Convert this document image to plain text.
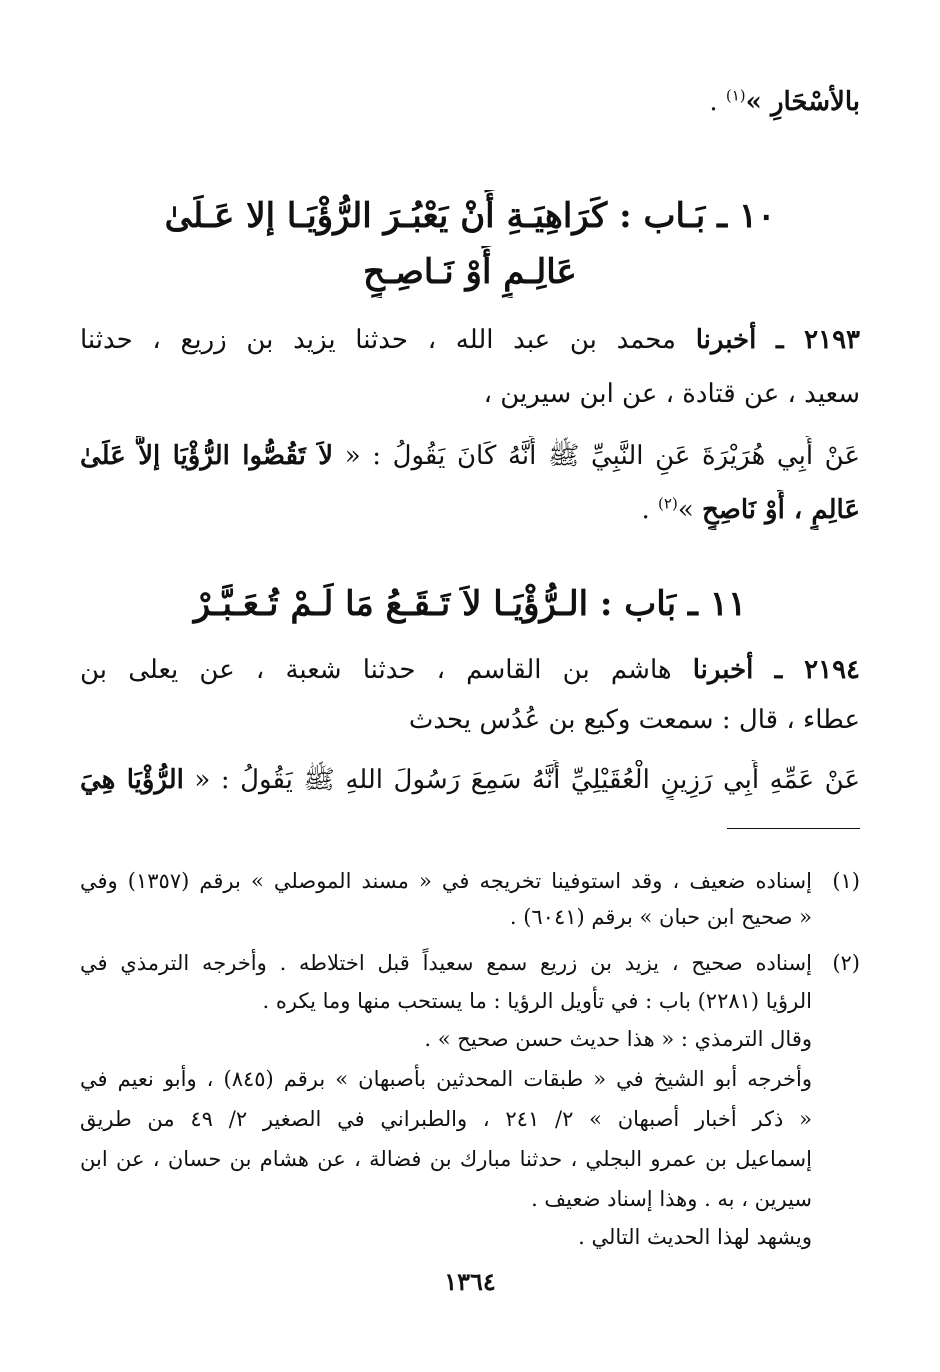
بالأسْحَارِ »$^{(١)}$ .
١٠ ـ بَـاب : كَرَاهِيَـةِ أَنْ يَعْبُـرَ الرُّؤْيَـا إلا عَـلَىٰ
عَالِـمٍ أَوْ نَـاصِـحٍ
٢١٩٣ ـ أخبرنا محمد بن عبد الله ، حدثنا يزيد بن زريع ، حدثنا
سعيد ، عن قتادة ، عن ابن سيرين ،
عَنْ أَبِي هُرَيْرَةَ عَنِ النَّبِيِّ ﷺ أَنَّهُ كَانَ يَقُولُ : « لاَ تَقُصُّوا الرُّؤْيَا إلاَّ عَلَىٰ
عَالِمٍ ، أَوْ نَاصِحٍ »$^{(٢)}$ .
١١ ـ بَاب : الـرُّؤْيَـا لاَ تَـقَـعُ مَا لَـمْ تُـعَـبَّـرْ
٢١٩٤ ـ أخبرنا هاشم بن القاسم ، حدثنا شعبة ، عن يعلى بن
عطاء ، قال : سمعت وكيع بن عُدُس يحدث
عَنْ عَمِّهِ أَبِي رَزِينٍ الْعُقَيْلِيِّ أَنَّهُ سَمِعَ رَسُولَ اللهِ ﷺ يَقُولُ : « الرُّؤْيَا هِيَ
(١)
إسناده ضعيف ، وقد استوفينا تخريجه في « مسند الموصلي » برقم (١٣٥٧) وفي
« صحيح ابن حبان » برقم (٦٠٤١) .
(٢)
إسناده صحيح ، يزيد بن زريع سمع سعيداً قبل اختلاطه . وأخرجه الترمذي في
الرؤيا (٢٢٨١) باب : في تأويل الرؤيا : ما يستحب منها وما يكره .
وقال الترمذي : « هذا حديث حسن صحيح » .
وأخرجه أبو الشيخ في « طبقات المحدثين بأصبهان » برقم (٨٤٥) ، وأبو نعيم في
« ذكر أخبار أصبهان » ٢/ ٢٤١ ، والطبراني في الصغير ٢/ ٤٩ من طريق
إسماعيل بن عمرو البجلي ، حدثنا مبارك بن فضالة ، عن هشام بن حسان ، عن ابن
سيرين ، به . وهذا إسناد ضعيف .
ويشهد لهذا الحديث التالي .
١٣٦٤
